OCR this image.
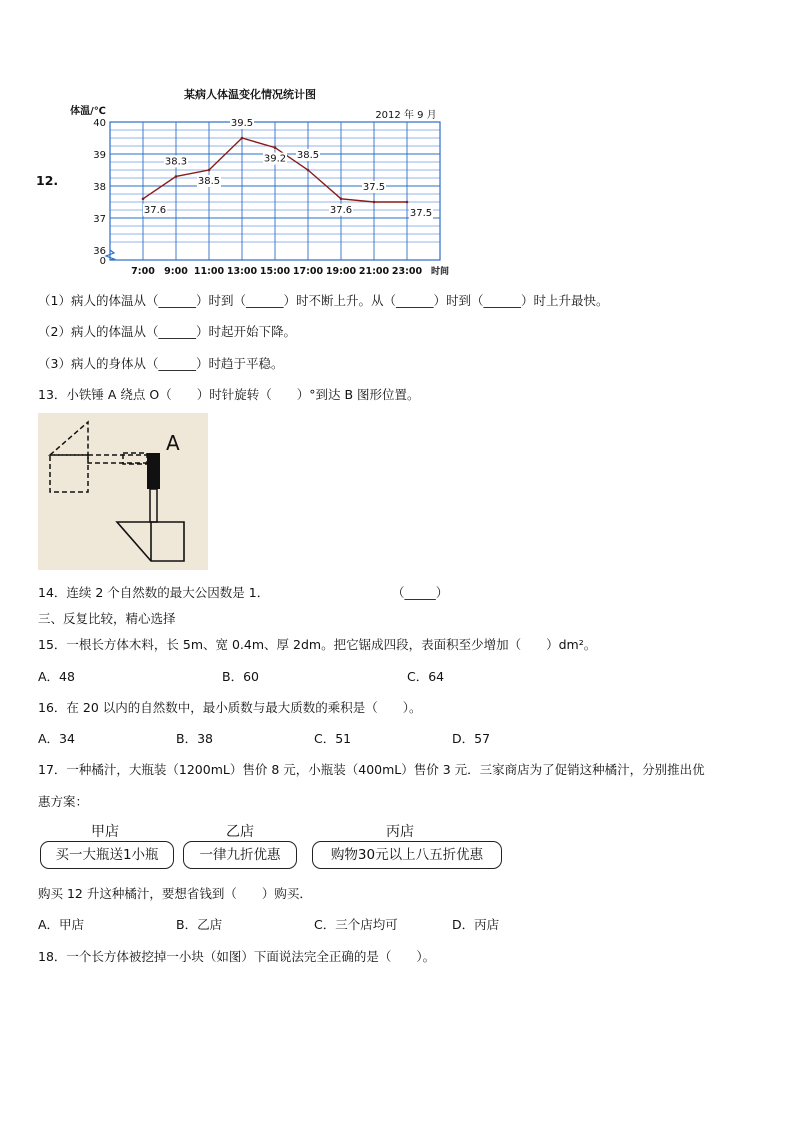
12.
某病人体温变化情况统计图
2012 年 9 月
体温/℃
时间
40
39
38
37
36
0
7:00 9:00 11:00 13:00 15:00 17:00 19:00 21:00 23:00
37.6
38.3
38.5
39.5
39.2 38.5
37.6
37.5
37.5
（1）病人的体温从（______）时到（______）时不断上升。从（______）时到（______）时上升最快。
（2）病人的体温从（______）时起开始下降。
（3）病人的身体从（______）时趋于平稳。
13．小铁锤 A 绕点 O（　　）时针旋转（　　）°到达 B 图形位置。
A
14．连续 2 个自然数的最大公因数是 1．	（_____）
三、反复比较，精心选择
15．一根长方体木料，长 5m、宽 0.4m、厚 2dm。把它锯成四段，表面积至少增加（　　）dm²。
A．48	B．60	C．64
16．在 20 以内的自然数中，最小质数与最大质数的乘积是（　　）。
A．34	B．38	C．51	D．57
17．一种橘汁，大瓶装（1200mL）售价 8 元，小瓶装（400mL）售价 3 元．三家商店为了促销这种橘汁，分别推出优
惠方案：
甲店	乙店	丙店
买一大瓶送1小瓶	一律九折优惠	购物30元以上八五折优惠
购买 12 升这种橘汁，要想省钱到（　　）购买．
A．甲店	B．乙店	C．三个店均可	D．丙店
18．一个长方体被挖掉一小块（如图）下面说法完全正确的是（　　）。
